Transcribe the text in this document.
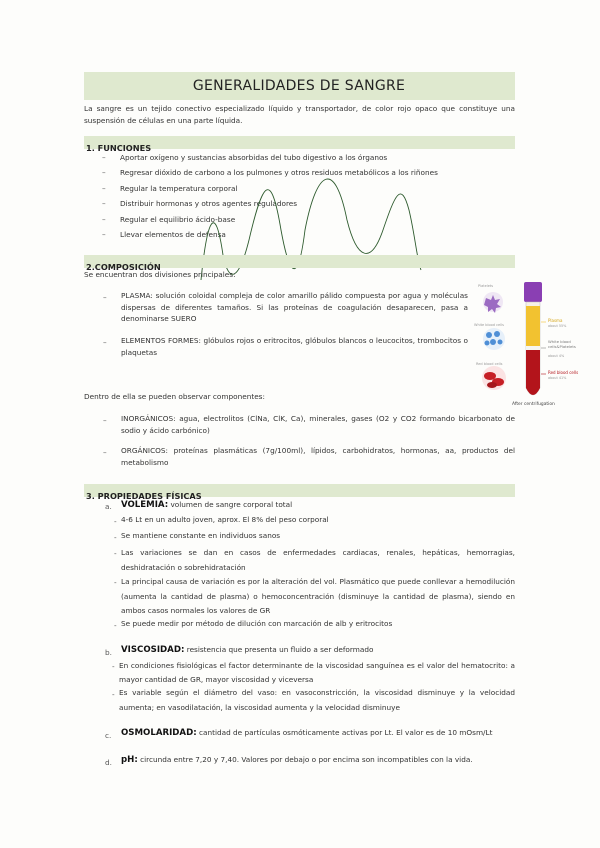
GENERALIDADES DE SANGRE
La sangre es un tejido conectivo especializado líquido y transportador, de color rojo opaco que constituye una suspensión de células en una parte líquida.
1. FUNCIONES
– Aportar oxígeno y sustancias absorbidas del tubo digestivo a los órganos
– Regresar dióxido de carbono a los pulmones y otros residuos metabólicos a los riñones
– Regular la temperatura corporal
– Distribuir hormonas y otros agentes reguladores
– Regular el equilibrio ácido-base
– Llevar elementos de defensa
2.COMPOSICIÓN
Se encuentran dos divisiones principales:
– PLASMA: solución coloidal compleja de color amarillo pálido compuesta por agua y moléculas dispersas de diferentes tamaños. Si las proteínas de coagulación desaparecen, pasa a denominarse SUERO
– ELEMENTOS FORMES: glóbulos rojos o eritrocitos, glóbulos blancos o leucocitos, trombocitos o plaquetas
Platelets
White blood cells
Red blood cells
Plasma
about 55%
White blood cells&Platelets
about 4%
Red blood cells
about 41%
After centrifugation
Dentro de ella se pueden observar componentes:
– INORGÁNICOS: agua, electrolitos (ClNa, ClK, Ca), minerales, gases (O2 y CO2 formando bicarbonato de sodio y ácido carbónico)
– ORGÁNICOS: proteínas plasmáticas (7g/100ml), lípidos, carbohidratos, hormonas, aa, productos del metabolismo
3. PROPIEDADES FÍSICAS
a. VOLEMIA: volumen de sangre corporal total
- 4-6 Lt en un adulto joven, aprox. El 8% del peso corporal
- Se mantiene constante en individuos sanos
- Las variaciones se dan en casos de enfermedades cardiacas, renales, hepáticas, hemorragias, deshidratación o sobrehidratación
- La principal causa de variación es por la alteración del vol. Plasmático que puede conllevar a hemodilución (aumenta la cantidad de plasma) o hemoconcentración (disminuye la cantidad de plasma), siendo en ambos casos normales los valores de GR
- Se puede medir por método de dilución con marcación de alb y eritrocitos
b. VISCOSIDAD: resistencia que presenta un fluido a ser deformado
- En condiciones fisiológicas el factor determinante de la viscosidad sanguínea es el valor del hematocrito: a mayor cantidad de GR, mayor viscosidad y viceversa
- Es variable según el diámetro del vaso: en vasoconstricción, la viscosidad disminuye y la velocidad aumenta; en vasodilatación, la viscosidad aumenta y la velocidad disminuye
c. OSMOLARIDAD: cantidad de partículas osmóticamente activas por Lt. El valor es de 10 mOsm/Lt
d. pH: circunda entre 7,20 y 7,40. Valores por debajo o por encima son incompatibles con la vida.
